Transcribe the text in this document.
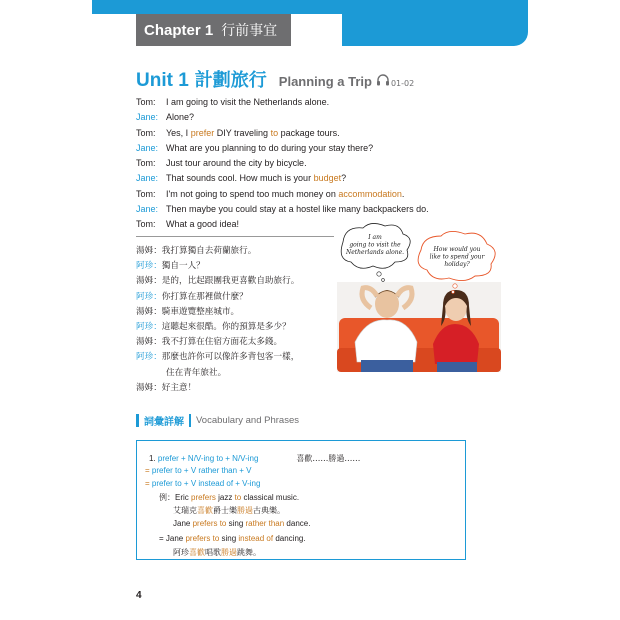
Chapter 1 行前事宜
Unit 1 計劃旅行 Planning a Trip 01-02
Tom: I am going to visit the Netherlands alone.
Jane: Alone?
Tom: Yes, I prefer DIY traveling to package tours.
Jane: What are you planning to do during your stay there?
Tom: Just tour around the city by bicycle.
Jane: That sounds cool. How much is your budget?
Tom: I'm not going to spend too much money on accommodation.
Jane: Then maybe you could stay at a hostel like many backpackers do.
Tom: What a good idea!
湯姆：我打算獨自去荷蘭旅行。
阿珍：獨自一人？
湯姆：是的，比起跟團我更喜歡自助旅行。
阿珍：你打算在那裡做什麼？
湯姆：騎車遊覽整座城市。
阿珍：這聽起來很酷。你的預算是多少？
湯姆：我不打算在住宿方面花太多錢。
阿珍：那麼也許你可以像許多背包客一樣，
住在青年旅社。
湯姆：好主意！
I am going to visit the Netherlands alone.	How would you like to spend your holiday?
詞彙詳解 Vocabulary and Phrases
1. prefer + N/V-ing to + N/V-ing	喜歡……勝過……
= prefer to + V rather than + V
= prefer to + V instead of + V-ing
例：Eric prefers jazz to classical music.
艾瑞克喜歡爵士樂勝過古典樂。
Jane prefers to sing rather than dance.
= Jane prefers to sing instead of dancing.
阿珍喜歡唱歌勝過跳舞。
4
